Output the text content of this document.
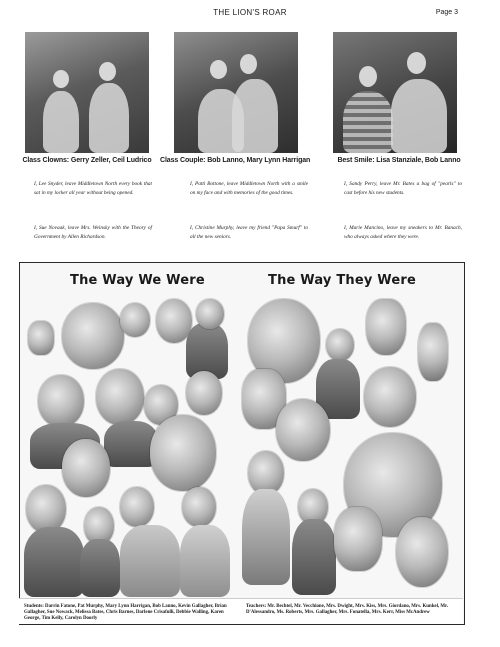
THE LION'S ROAR	Page 3
Class Clowns: Gerry Zeller, Ceil Ludrico	Class Couple: Bob Lanno, Mary Lynn Harrigan	Best Smile: Lisa Stanziale, Bob Lanno
I, Lee Snyder, leave Middletown North every book that sat in my locker all year without being opened.
I, Sue Novaak, leave Mrs. Weinsky with the Theory of Government by Allen Richardson.
I, Patti Bottone, leave Middletown North with a smile on my face and with memories of the good times.
I, Christine Murphy, leave my friend "Papa Smurf" to all the new seniors.
I, Sandy Perry, leave Mr. Bates a bag of "pearls" to cast before his new students.
I, Marie Mancino, leave my sneakers to Mr. Banach, who always asked where they were.
The Way We Were	The Way They Were
Students: Darrin Fatone, Pat Murphy, Mary Lynn Harrigan, Bob Lanno, Kevin Gallagher, Brian Gallagher, Sue Nowack, Melissa Bates, Chris Barnes, Darlene Crisafulli, Debbie Walling, Karen George, Tim Kelly, Carolyn Doorly
Teachers: Mr. Bechtel, Mr. Vecchione, Mrs. Dwight, Mrs. Kiss, Mrs. Giordano, Mrs. Kunkel, Mr. D'Alessandro, Ms. Roberts, Mrs. Gallagher, Mrs. Fonatella, Mrs. Kerr, Miss McAndrew
